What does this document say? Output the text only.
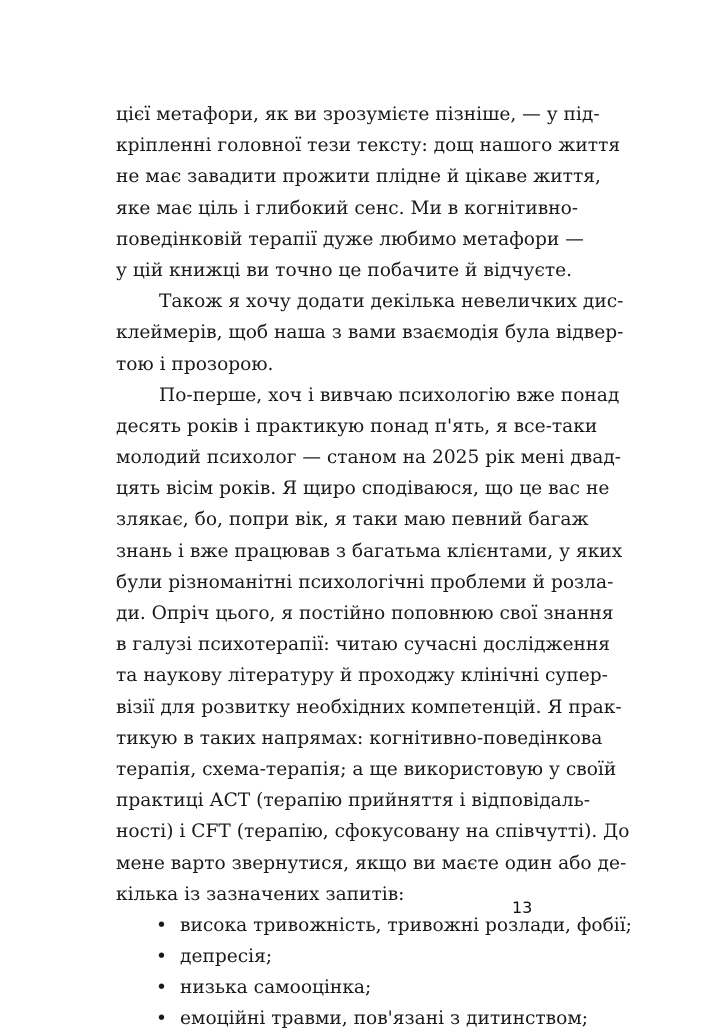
цієї метафори, як ви зрозумієте пізніше, — у під-
кріпленні головної тези тексту: дощ нашого життя
не має завадити прожити плідне й цікаве життя,
яке має ціль і глибокий сенс. Ми в когнітивно-
поведінковій терапії дуже любимо метафори —
у цій книжці ви точно це побачите й відчуєте.
Також я хочу додати декілька невеличких дис-
клеймерів, щоб наша з вами взаємодія була відвер-
тою і прозорою.
По-перше, хоч і вивчаю психологію вже понад
десять років і практикую понад п'ять, я все-таки
молодий психолог — станом на 2025 рік мені двад-
цять вісім років. Я щиро сподіваюся, що це вас не
злякає, бо, попри вік, я таки маю певний багаж
знань і вже працював з багатьма клієнтами, у яких
були різноманітні психологічні проблеми й розла-
ди. Опріч цього, я постійно поповнюю свої знання
в галузі психотерапії: читаю сучасні дослідження
та наукову літературу й проходжу клінічні супер-
візії для розвитку необхідних компетенцій. Я прак-
тикую в таких напрямах: когнітивно-поведінкова
терапія, схема-терапія; а ще використовую у своїй
практиці АСТ (терапію прийняття і відповідаль-
ності) і CFT (терапію, сфокусовану на співчутті). До
мене варто звернутися, якщо ви маєте один або де-
кілька із зазначених запитів:
• висока тривожність, тривожні розлади, фобії;
• депресія;
• низька самооцінка;
• емоційні травми, пов'язані з дитинством;
13
